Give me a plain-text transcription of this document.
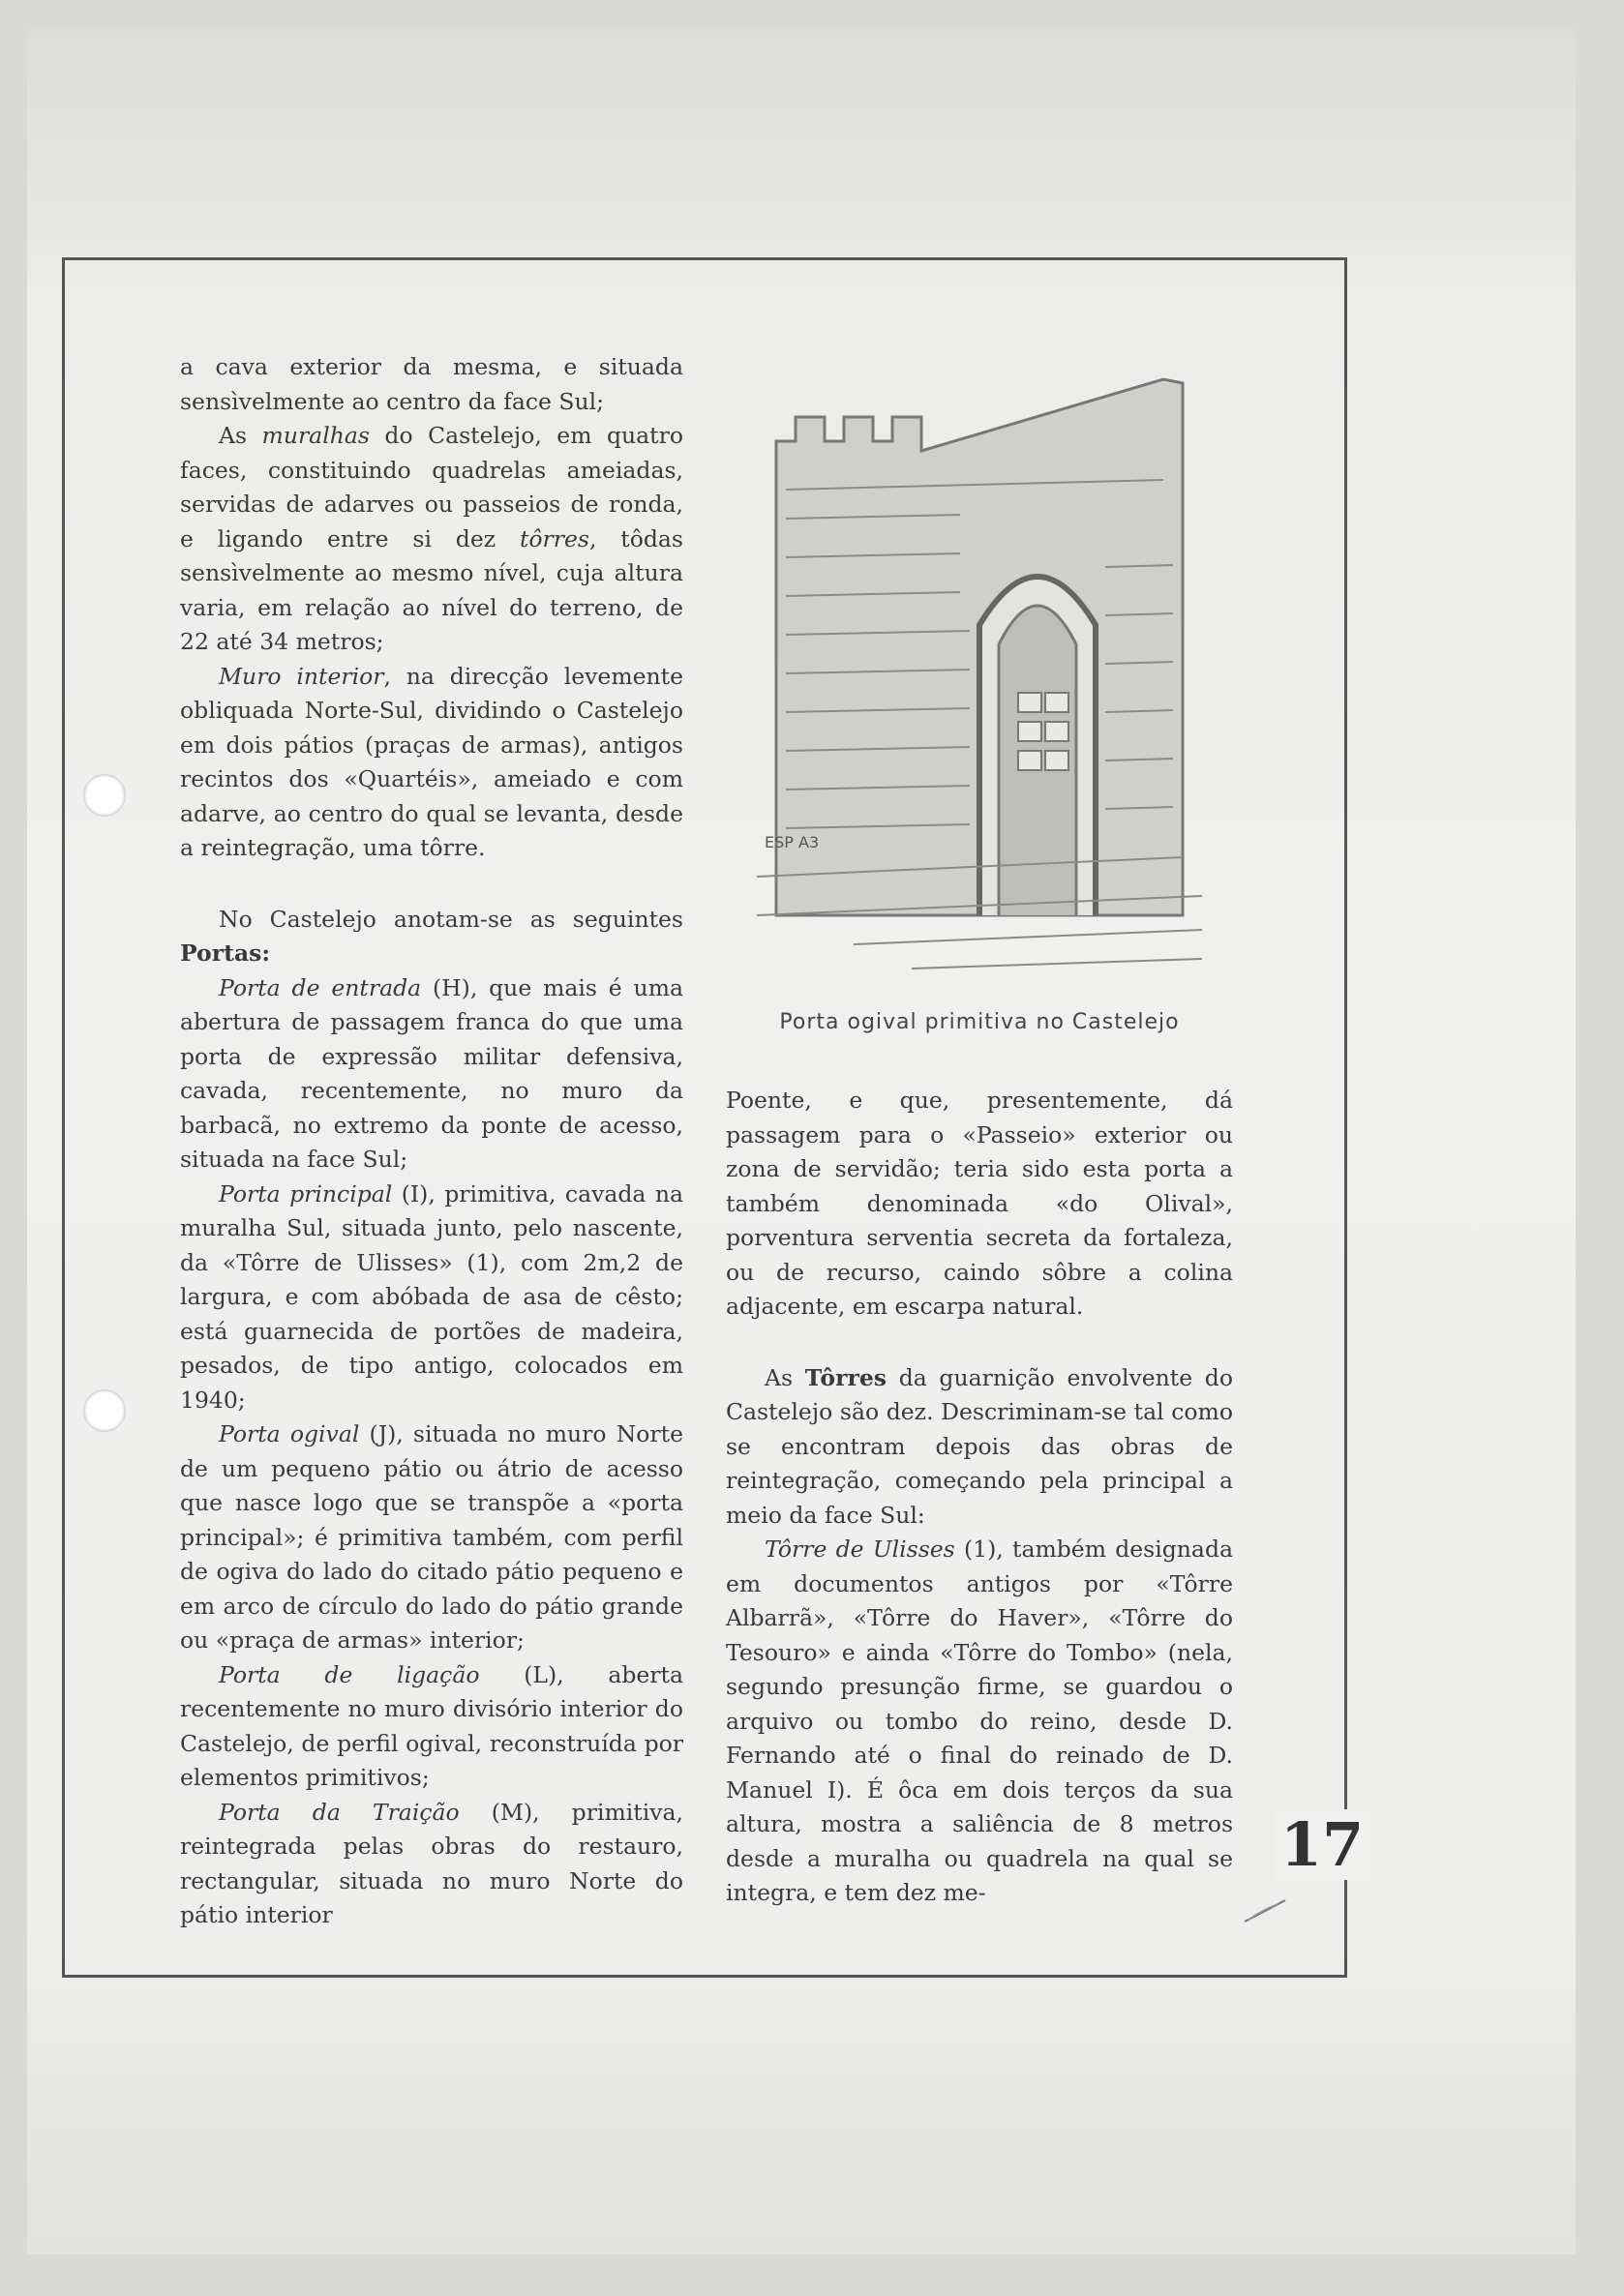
a cava exterior da mesma, e situada sensìvelmente ao centro da face Sul;

As muralhas do Castelejo, em quatro faces, constituindo quadrelas ameiadas, servidas de adarves ou passeios de ronda, e ligando entre si dez tôrres, tôdas sensìvelmente ao mesmo nível, cuja altura varia, em relação ao nível do terreno, de 22 até 34 metros;

Muro interior, na direcção levemente obliquada Norte-Sul, dividindo o Castelejo em dois pátios (praças de armas), antigos recintos dos «Quartéis», ameiado e com adarve, ao centro do qual se levanta, desde a reintegração, uma tôrre.

No Castelejo anotam-se as seguintes Portas:

Porta de entrada (H), que mais é uma abertura de passagem franca do que uma porta de expressão militar defensiva, cavada, recentemente, no muro da barbacã, no extremo da ponte de acesso, situada na face Sul;

Porta principal (I), primitiva, cavada na muralha Sul, situada junto, pelo nascente, da «Tôrre de Ulisses» (1), com 2m,2 de largura, e com abóbada de asa de cêsto; está guarnecida de portões de madeira, pesados, de tipo antigo, colocados em 1940;

Porta ogival (J), situada no muro Norte de um pequeno pátio ou átrio de acesso que nasce logo que se transpõe a «porta principal»; é primitiva também, com perfil de ogiva do lado do citado pátio pequeno e em arco de círculo do lado do pátio grande ou «praça de armas» interior;

Porta de ligação (L), aberta recentemente no muro divisório interior do Castelejo, de perfil ogival, reconstruída por elementos primitivos;

Porta da Traição (M), primitiva, reintegrada pelas obras do restauro, rectangular, situada no muro Norte do pátio interior

ESP A3
Porta ogival primitiva no Castelejo

Poente, e que, presentemente, dá passagem para o «Passeio» exterior ou zona de servidão; teria sido esta porta a também denominada «do Olival», porventura serventia secreta da fortaleza, ou de recurso, caindo sôbre a colina adjacente, em escarpa natural.

As Tôrres da guarnição envolvente do Castelejo são dez. Descriminam-se tal como se encontram depois das obras de reintegração, começando pela principal a meio da face Sul:

Tôrre de Ulisses (1), também designada em documentos antigos por «Tôrre Albarrã», «Tôrre do Haver», «Tôrre do Tesouro» e ainda «Tôrre do Tombo» (nela, segundo presunção firme, se guardou o arquivo ou tombo do reino, desde D. Fernando até o final do reinado de D. Manuel I). É ôca em dois terços da sua altura, mostra a saliência de 8 metros desde a muralha ou quadrela na qual se integra, e tem dez me-

17
